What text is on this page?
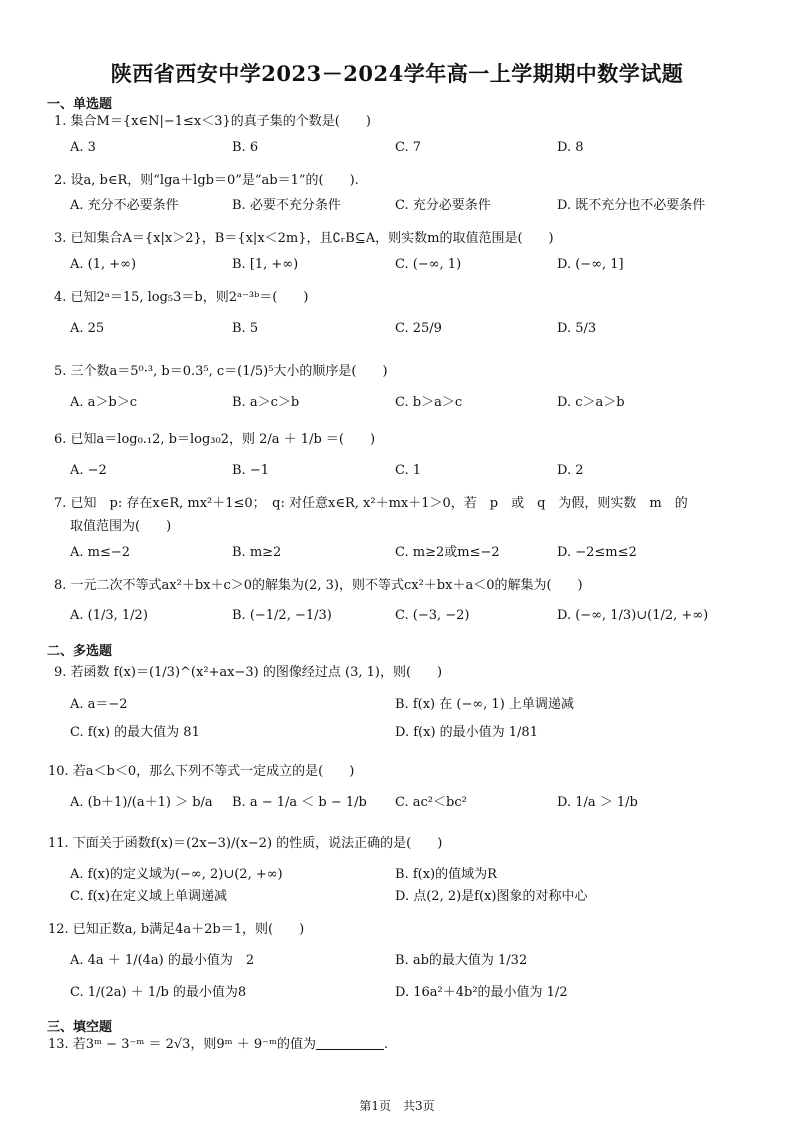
陕西省西安中学2023－2024学年高一上学期期中数学试题
一、单选题
1. 集合M＝{x∈N|−1≤x＜3}的真子集的个数是(　　)
A. 3	B. 6	C. 7	D. 8
2. 设a, b∈R，则“lga＋lgb＝0”是“ab＝1”的(　　).
A. 充分不必要条件	B. 必要不充分条件	C. 充分必要条件	D. 既不充分也不必要条件
3. 已知集合A＝{x|x＞2}，B＝{x|x＜2m}，且∁ᵣB⊆A，则实数m的取值范围是(　　)
A. (1, +∞)	B. [1, +∞)	C. (−∞, 1)	D. (−∞, 1]
4. 已知2ᵃ＝15, log₅3＝b，则2ᵃ⁻³ᵇ＝(　　)
A. 25	B. 5	C. 25/9	D. 5/3
5. 三个数a＝5⁰·³, b＝0.3⁵, c＝(1/5)⁵大小的顺序是(　　)
A. a＞b＞c	B. a＞c＞b	C. b＞a＞c	D. c＞a＞b
6. 已知a＝log₀.₁2, b＝log₃₀2，则 2/a ＋ 1/b ＝(　　)
A. −2	B. −1	C. 1	D. 2
7. 已知　p: 存在x∈R, mx²＋1≤0；　q: 对任意x∈R, x²＋mx＋1＞0，若　p　或　q　为假，则实数　m　的
取值范围为(　　)
A. m≤−2	B. m≥2	C. m≥2或m≤−2	D. −2≤m≤2
8. 一元二次不等式ax²＋bx＋c＞0的解集为(2, 3)，则不等式cx²＋bx＋a＜0的解集为(　　)
A. (1/3, 1/2)	B. (−1/2, −1/3)	C. (−3, −2)	D. (−∞, 1/3)∪(1/2, +∞)
二、多选题
9. 若函数 f(x)＝(1/3)^(x²+ax−3) 的图像经过点 (3, 1)，则(　　)
A. a＝−2	B. f(x) 在 (−∞, 1) 上单调递减
C. f(x) 的最大值为 81	D. f(x) 的最小值为 1/81
10. 若a＜b＜0，那么下列不等式一定成立的是(　　)
A. (b＋1)/(a＋1) ＞ b/a B. a − 1/a ＜ b − 1/b C. ac²＜bc²	D. 1/a ＞ 1/b
11. 下面关于函数f(x)＝(2x−3)/(x−2) 的性质，说法正确的是(　　)
A. f(x)的定义域为(−∞, 2)∪(2, +∞)	B. f(x)的值域为R
C. f(x)在定义域上单调递减	D. 点(2, 2)是f(x)图象的对称中心
12. 已知正数a, b满足4a＋2b＝1，则(　　)
A. 4a ＋ 1/(4a) 的最小值为　2	B. ab的最大值为 1/32
C. 1/(2a) ＋ 1/b 的最小值为8	D. 16a²＋4b²的最小值为 1/2
三、填空题
13. 若3ᵐ − 3⁻ᵐ ＝ 2√3，则9ᵐ ＋ 9⁻ᵐ的值为	.
第1页　共3页
